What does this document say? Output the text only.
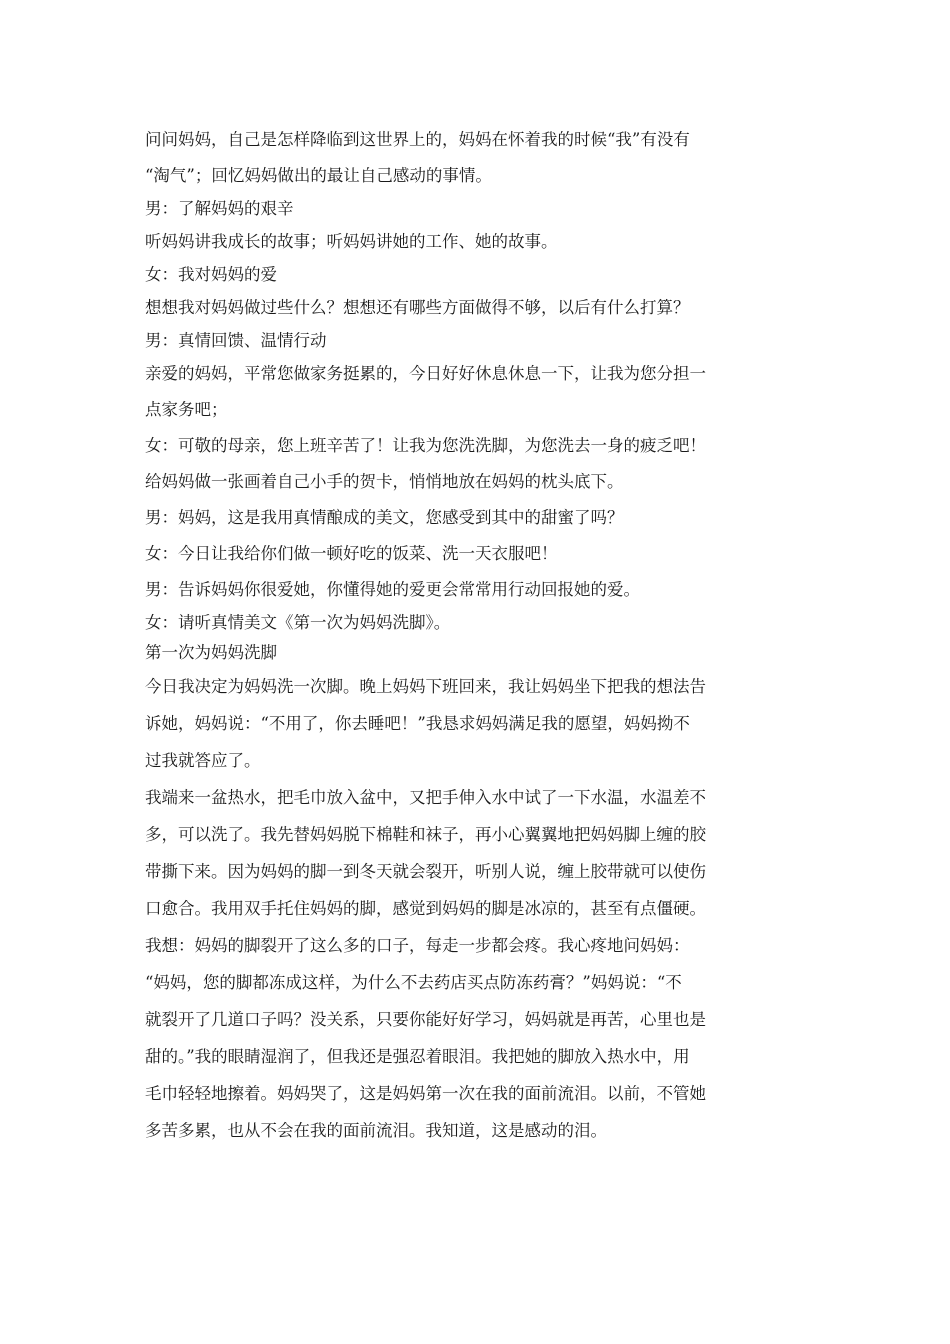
问问妈妈，自己是怎样降临到这世界上的，妈妈在怀着我的时候“我”有没有

“淘气”；回忆妈妈做出的最让自己感动的事情。

男：了解妈妈的艰辛

听妈妈讲我成长的故事；听妈妈讲她的工作、她的故事。

女：我对妈妈的爱

想想我对妈妈做过些什么？想想还有哪些方面做得不够，以后有什么打算？

男：真情回馈、温情行动

亲爱的妈妈，平常您做家务挺累的，今日好好休息休息一下，让我为您分担一

点家务吧；

女：可敬的母亲，您上班辛苦了！让我为您洗洗脚，为您洗去一身的疲乏吧！

给妈妈做一张画着自己小手的贺卡，悄悄地放在妈妈的枕头底下。

男：妈妈，这是我用真情酿成的美文，您感受到其中的甜蜜了吗？

女：今日让我给你们做一顿好吃的饭菜、洗一天衣服吧！

男：告诉妈妈你很爱她，你懂得她的爱更会常常用行动回报她的爱。

女：请听真情美文《第一次为妈妈洗脚》。

第一次为妈妈洗脚

今日我决定为妈妈洗一次脚。晚上妈妈下班回来，我让妈妈坐下把我的想法告

诉她，妈妈说：“不用了，你去睡吧！”我恳求妈妈满足我的愿望，妈妈拗不

过我就答应了。

我端来一盆热水，把毛巾放入盆中，又把手伸入水中试了一下水温，水温差不

多，可以洗了。我先替妈妈脱下棉鞋和袜子，再小心翼翼地把妈妈脚上缠的胶

带撕下来。因为妈妈的脚一到冬天就会裂开，听别人说，缠上胶带就可以使伤

口愈合。我用双手托住妈妈的脚，感觉到妈妈的脚是冰凉的，甚至有点僵硬。

我想：妈妈的脚裂开了这么多的口子，每走一步都会疼。我心疼地问妈妈：

“妈妈，您的脚都冻成这样，为什么不去药店买点防冻药膏？”妈妈说：“不

就裂开了几道口子吗？没关系，只要你能好好学习，妈妈就是再苦，心里也是

甜的。”我的眼睛湿润了，但我还是强忍着眼泪。我把她的脚放入热水中，用

毛巾轻轻地擦着。妈妈哭了，这是妈妈第一次在我的面前流泪。以前，不管她

多苦多累，也从不会在我的面前流泪。我知道，这是感动的泪。
